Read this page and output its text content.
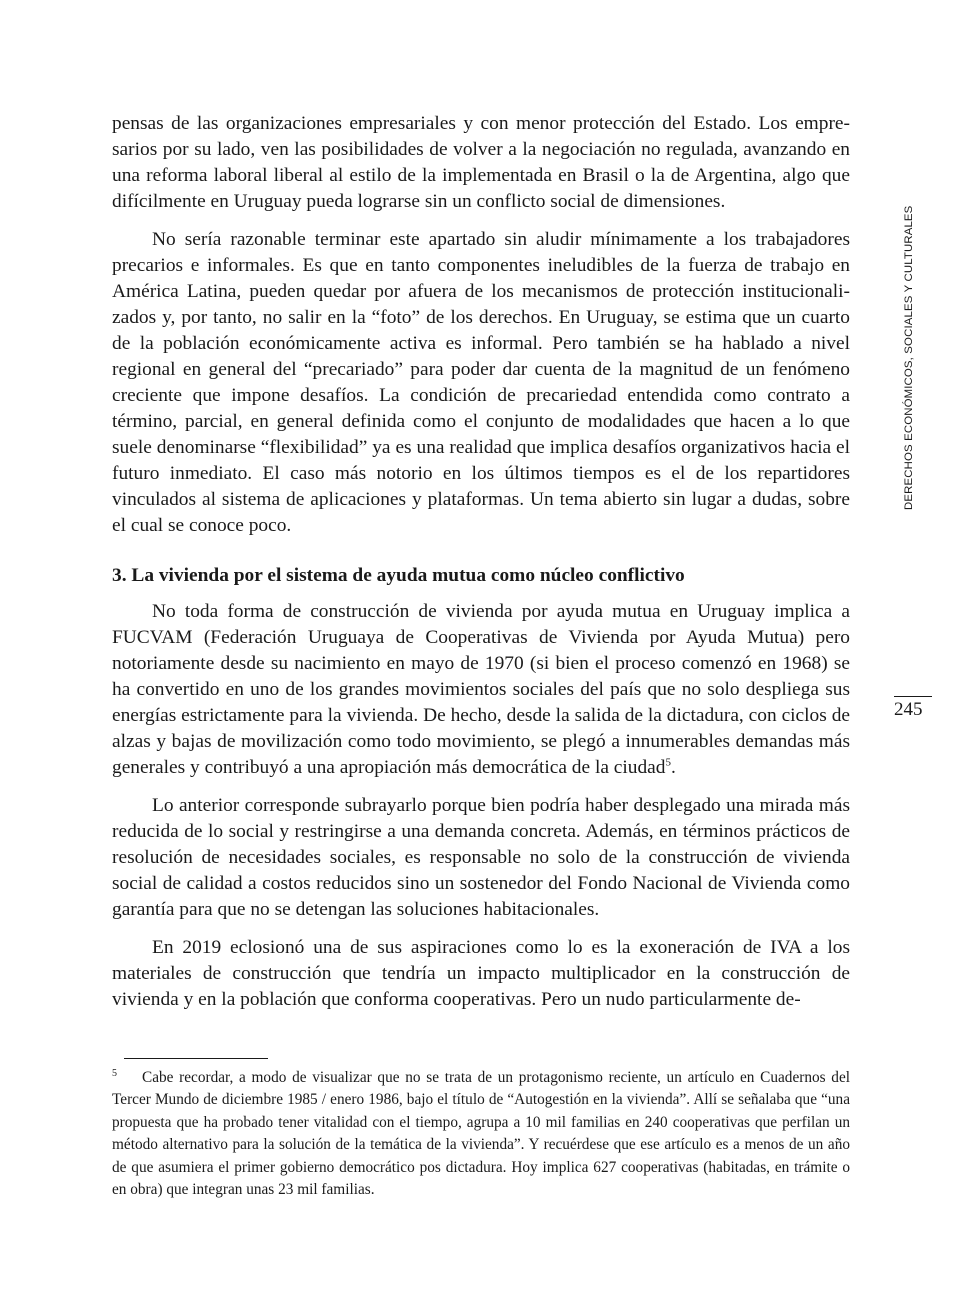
DERECHOS ECONÓMICOS, SOCIALES Y CULTURALES
245

pensas de las organizaciones empresariales y con menor protección del Estado. Los empresarios por su lado, ven las posibilidades de volver a la negociación no regulada, avanzando en una reforma laboral liberal al estilo de la implementada en Brasil o la de Argentina, algo que difícilmente en Uruguay pueda lograrse sin un conflicto social de dimensiones.

No sería razonable terminar este apartado sin aludir mínimamente a los trabajadores precarios e informales. Es que en tanto componentes ineludibles de la fuerza de trabajo en América Latina, pueden quedar por afuera de los mecanismos de protección institucionalizados y, por tanto, no salir en la “foto” de los derechos. En Uruguay, se estima que un cuarto de la población económicamente activa es informal. Pero también se ha hablado a nivel regional en general del “precariado” para poder dar cuenta de la magnitud de un fenómeno creciente que impone desafíos. La condición de precariedad entendida como contrato a término, parcial, en general definida como el conjunto de modalidades que hacen a lo que suele denominarse “flexibilidad” ya es una realidad que implica desafíos organizativos hacia el futuro inmediato. El caso más notorio en los últimos tiempos es el de los repartidores vinculados al sistema de aplicaciones y plataformas. Un tema abierto sin lugar a dudas, sobre el cual se conoce poco.

3. La vivienda por el sistema de ayuda mutua como núcleo conflictivo

No toda forma de construcción de vivienda por ayuda mutua en Uruguay implica a FUCVAM (Federación Uruguaya de Cooperativas de Vivienda por Ayuda Mutua) pero notoriamente desde su nacimiento en mayo de 1970 (si bien el proceso comenzó en 1968) se ha convertido en uno de los grandes movimientos sociales del país que no solo despliega sus energías estrictamente para la vivienda. De hecho, desde la salida de la dictadura, con ciclos de alzas y bajas de movilización como todo movimiento, se plegó a innumerables demandas más generales y contribuyó a una apropiación más democrática de la ciudad$^5$.

Lo anterior corresponde subrayarlo porque bien podría haber desplegado una mirada más reducida de lo social y restringirse a una demanda concreta. Además, en términos prácticos de resolución de necesidades sociales, es responsable no solo de la construcción de vivienda social de calidad a costos reducidos sino un sostenedor del Fondo Nacional de Vivienda como garantía para que no se detengan las soluciones habitacionales.

En 2019 eclosionó una de sus aspiraciones como lo es la exoneración de IVA a los materiales de construcción que tendría un impacto multiplicador en la construcción de vivienda y en la población que conforma cooperativas. Pero un nudo particularmente de-

5 Cabe recordar, a modo de visualizar que no se trata de un protagonismo reciente, un artículo en Cuadernos del Tercer Mundo de diciembre 1985 / enero 1986, bajo el título de “Autogestión en la vivienda”. Allí se señalaba que “una propuesta que ha probado tener vitalidad con el tiempo, agrupa a 10 mil familias en 240 cooperativas que perfilan un método alternativo para la solución de la temática de la vivienda”. Y recuérdese que ese artículo es a menos de un año de que asumiera el primer gobierno democrático pos dictadura. Hoy implica 627 cooperativas (habitadas, en trámite o en obra) que integran unas 23 mil familias.
